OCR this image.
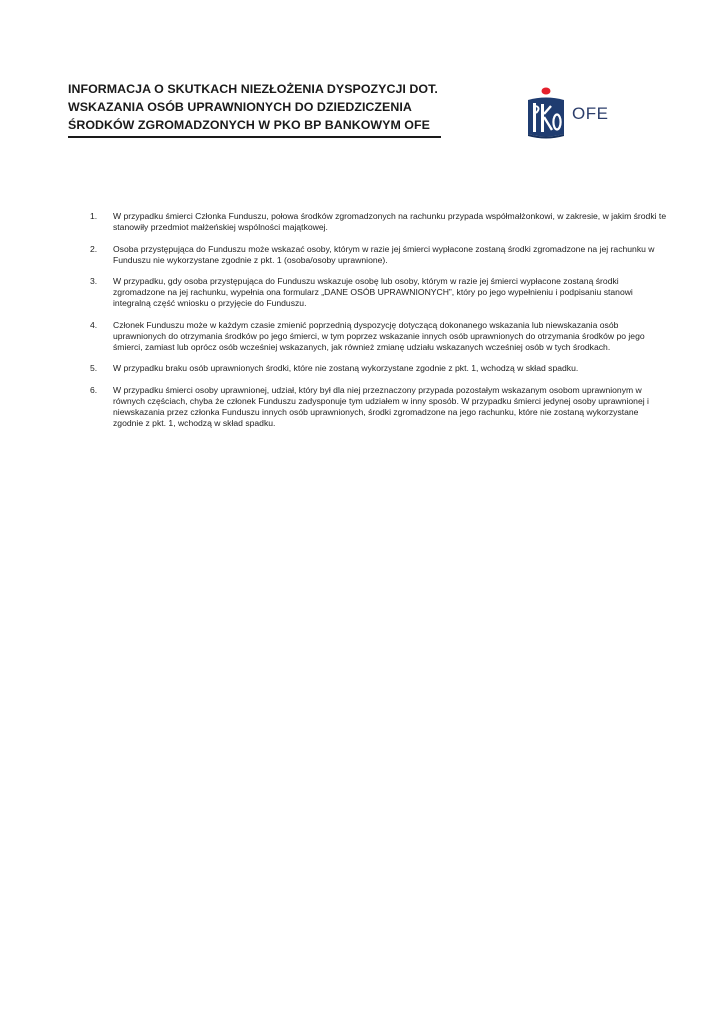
INFORMACJA O SKUTKACH NIEZŁOŻENIA DYSPOZYCJI DOT.
WSKAZANIA OSÓB UPRAWNIONYCH DO DZIEDZICZENIA
ŚRODKÓW ZGROMADZONYCH W PKO BP BANKOWYM OFE
OFE
1. W przypadku śmierci Członka Funduszu, połowa środków zgromadzonych na rachunku przypada współmałżonkowi, w zakresie, w jakim środki te stanowiły przedmiot małżeńskiej wspólności majątkowej.
2. Osoba przystępująca do Funduszu może wskazać osoby, którym w razie jej śmierci wypłacone zostaną środki zgromadzone na jej rachunku w Funduszu nie wykorzystane zgodnie z pkt. 1 (osoba/osoby uprawnione).
3. W przypadku, gdy osoba przystępująca do Funduszu wskazuje osobę lub osoby, którym w razie jej śmierci wypłacone zostaną środki zgromadzone na jej rachunku, wypełnia ona formularz „DANE OSÓB UPRAWNIONYCH”, który po jego wypełnieniu i podpisaniu stanowi integralną część wniosku o przyjęcie do Funduszu.
4. Członek Funduszu może w każdym czasie zmienić poprzednią dyspozycję dotyczącą dokonanego wskazania lub niewskazania osób uprawnionych do otrzymania środków po jego śmierci, w tym poprzez wskazanie innych osób uprawnionych do otrzymania środków po jego śmierci, zamiast lub oprócz osób wcześniej wskazanych, jak również zmianę udziału wskazanych wcześniej osób w tych środkach.
5. W przypadku braku osób uprawnionych środki, które nie zostaną wykorzystane zgodnie z pkt. 1, wchodzą w skład spadku.
6. W przypadku śmierci osoby uprawnionej, udział, który był dla niej przeznaczony przypada pozostałym wskazanym osobom uprawnionym w równych częściach, chyba że członek Funduszu zadysponuje tym udziałem w inny sposób. W przypadku śmierci jedynej osoby uprawnionej i niewskazania przez członka Funduszu innych osób uprawnionych, środki zgromadzone na jego rachunku, które nie zostaną wykorzystane zgodnie z pkt. 1, wchodzą w skład spadku.
